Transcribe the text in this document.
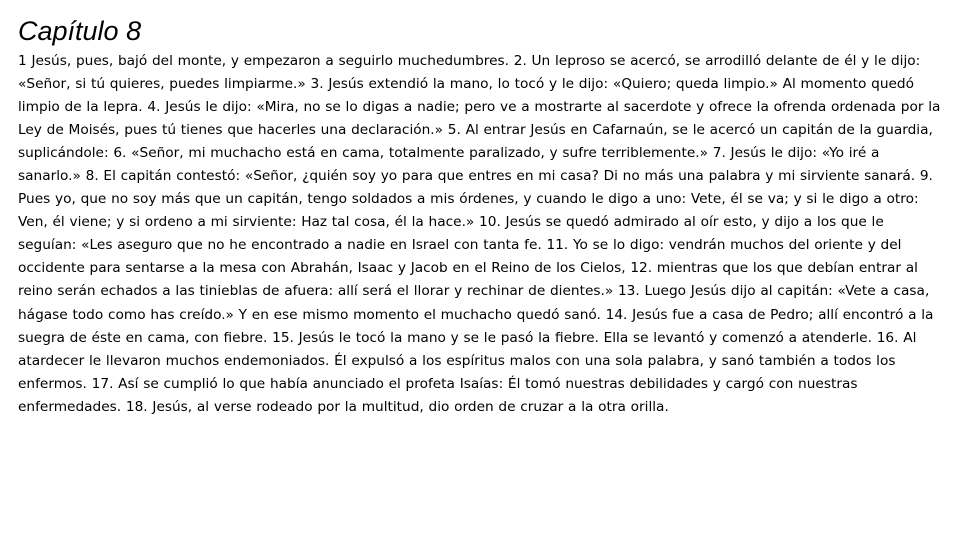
Capítulo 8

1 Jesús, pues, bajó del monte, y empezaron a seguirlo muchedumbres. 2. Un leproso se acercó, se arrodilló delante de él y le dijo: «Señor, si tú quieres, puedes limpiarme.» 3. Jesús extendió la mano, lo tocó y le dijo: «Quiero; queda limpio.» Al momento quedó limpio de la lepra. 4. Jesús le dijo: «Mira, no se lo digas a nadie; pero ve a mostrarte al sacerdote y ofrece la ofrenda ordenada por la Ley de Moisés, pues tú tienes que hacerles una declaración.» 5. Al entrar Jesús en Cafarnaún, se le acercó un capitán de la guardia, suplicándole: 6. «Señor, mi muchacho está en cama, totalmente paralizado, y sufre terriblemente.» 7. Jesús le dijo: «Yo iré a sanarlo.» 8. El capitán contestó: «Señor, ¿quién soy yo para que entres en mi casa? Di no más una palabra y mi sirviente sanará. 9. Pues yo, que no soy más que un capitán, tengo soldados a mis órdenes, y cuando le digo a uno: Vete, él se va; y si le digo a otro: Ven, él viene; y si ordeno a mi sirviente: Haz tal cosa, él la hace.» 10. Jesús se quedó admirado al oír esto, y dijo a los que le seguían: «Les aseguro que no he encontrado a nadie en Israel con tanta fe. 11. Yo se lo digo: vendrán muchos del oriente y del occidente para sentarse a la mesa con Abrahán, Isaac y Jacob en el Reino de los Cielos, 12. mientras que los que debían entrar al reino serán echados a las tinieblas de afuera: allí será el llorar y rechinar de dientes.» 13. Luego Jesús dijo al capitán: «Vete a casa, hágase todo como has creído.» Y en ese mismo momento el muchacho quedó sanó. 14. Jesús fue a casa de Pedro; allí encontró a la suegra de éste en cama, con fiebre. 15. Jesús le tocó la mano y se le pasó la fiebre. Ella se levantó y comenzó a atenderle. 16. Al atardecer le llevaron muchos endemoniados. Él expulsó a los espíritus malos con una sola palabra, y sanó también a todos los enfermos. 17. Así se cumplió lo que había anunciado el profeta Isaías: Él tomó nuestras debilidades y cargó con nuestras enfermedades. 18. Jesús, al verse rodeado por la multitud, dio orden de cruzar a la otra orilla.
